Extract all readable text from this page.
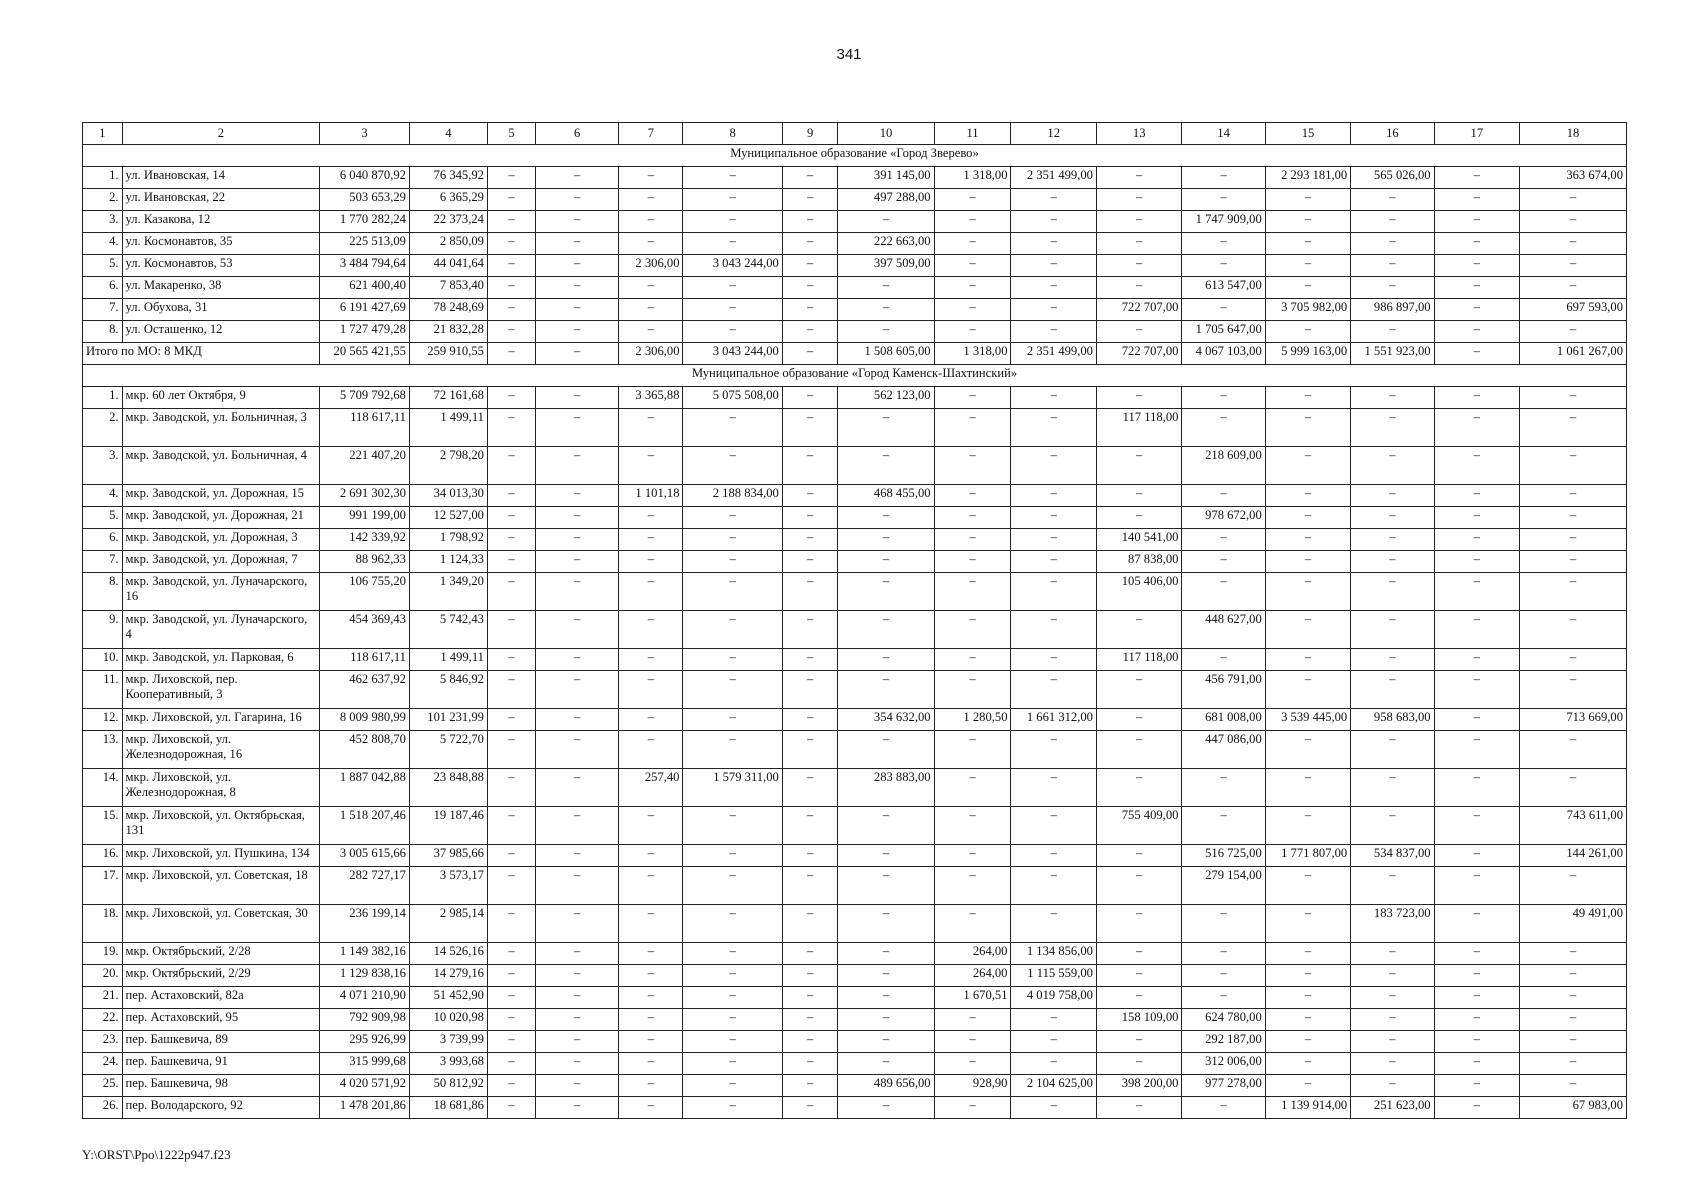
341
1	2	3	4	5	6	7	8	9	10	11	12	13	14	15	16	17	18
Муниципальное образование «Город Зверево»																	
1.	ул. Ивановская, 14	6 040 870,92	76 345,92	–	–	–	–	–	391 145,00	1 318,00	2 351 499,00	–	–	2 293 181,00	565 026,00	–	363 674,00
2.	ул. Ивановская, 22	503 653,29	6 365,29	–	–	–	–	–	497 288,00	–	–	–	–	–	–	–	–
3.	ул. Казакова, 12	1 770 282,24	22 373,24	–	–	–	–	–	–	–	–	–	1 747 909,00	–	–	–	–
4.	ул. Космонавтов, 35	225 513,09	2 850,09	–	–	–	–	–	222 663,00	–	–	–	–	–	–	–	–
5.	ул. Космонавтов, 53	3 484 794,64	44 041,64	–	–	2 306,00	3 043 244,00	–	397 509,00	–	–	–	–	–	–	–	–
6.	ул. Макаренко, 38	621 400,40	7 853,40	–	–	–	–	–	–	–	–	–	613 547,00	–	–	–	–
7.	ул. Обухова, 31	6 191 427,69	78 248,69	–	–	–	–	–	–	–	–	722 707,00	–	3 705 982,00	986 897,00	–	697 593,00
8.	ул. Осташенко, 12	1 727 479,28	21 832,28	–	–	–	–	–	–	–	–	–	1 705 647,00	–	–	–	–
Итого по МО: 8 МКД		20 565 421,55	259 910,55	–	–	2 306,00	3 043 244,00	–	1 508 605,00	1 318,00	2 351 499,00	722 707,00	4 067 103,00	5 999 163,00	1 551 923,00	–	1 061 267,00
Муниципальное образование «Город Каменск-Шахтинский»																	
1.	мкр. 60 лет Октября, 9	5 709 792,68	72 161,68	–	–	3 365,88	5 075 508,00	–	562 123,00	–	–	–	–	–	–	–	–
2.	мкр. Заводской, ул. Больничная, 3	118 617,11	1 499,11	–	–	–	–	–	–	–	–	117 118,00	–	–	–	–	–
3.	мкр. Заводской, ул. Больничная, 4	221 407,20	2 798,20	–	–	–	–	–	–	–	–	–	218 609,00	–	–	–	–
4.	мкр. Заводской, ул. Дорожная, 15	2 691 302,30	34 013,30	–	–	1 101,18	2 188 834,00	–	468 455,00	–	–	–	–	–	–	–	–
5.	мкр. Заводской, ул. Дорожная, 21	991 199,00	12 527,00	–	–	–	–	–	–	–	–	–	978 672,00	–	–	–	–
6.	мкр. Заводской, ул. Дорожная, 3	142 339,92	1 798,92	–	–	–	–	–	–	–	–	140 541,00	–	–	–	–	–
7.	мкр. Заводской, ул. Дорожная, 7	88 962,33	1 124,33	–	–	–	–	–	–	–	–	87 838,00	–	–	–	–	–
8.	мкр. Заводской, ул. Луначарского, 16	106 755,20	1 349,20	–	–	–	–	–	–	–	–	105 406,00	–	–	–	–	–
9.	мкр. Заводской, ул. Луначарского, 4	454 369,43	5 742,43	–	–	–	–	–	–	–	–	–	448 627,00	–	–	–	–
10.	мкр. Заводской, ул. Парковая, 6	118 617,11	1 499,11	–	–	–	–	–	–	–	–	117 118,00	–	–	–	–	–
11.	мкр. Лиховской, пер. Кооперативный, 3	462 637,92	5 846,92	–	–	–	–	–	–	–	–	–	456 791,00	–	–	–	–
12.	мкр. Лиховской, ул. Гагарина, 16	8 009 980,99	101 231,99	–	–	–	–	–	354 632,00	1 280,50	1 661 312,00	–	681 008,00	3 539 445,00	958 683,00	–	713 669,00
13.	мкр. Лиховской, ул. Железнодорожная, 16	452 808,70	5 722,70	–	–	–	–	–	–	–	–	–	447 086,00	–	–	–	–
14.	мкр. Лиховской, ул. Железнодорожная, 8	1 887 042,88	23 848,88	–	–	257,40	1 579 311,00	–	283 883,00	–	–	–	–	–	–	–	–
15.	мкр. Лиховской, ул. Октябрьская, 131	1 518 207,46	19 187,46	–	–	–	–	–	–	–	–	755 409,00	–	–	–	–	743 611,00
16.	мкр. Лиховской, ул. Пушкина, 134	3 005 615,66	37 985,66	–	–	–	–	–	–	–	–	–	516 725,00	1 771 807,00	534 837,00	–	144 261,00
17.	мкр. Лиховской, ул. Советская, 18	282 727,17	3 573,17	–	–	–	–	–	–	–	–	–	279 154,00	–	–	–	–
18.	мкр. Лиховской, ул. Советская, 30	236 199,14	2 985,14	–	–	–	–	–	–	–	–	–	–	–	183 723,00	–	49 491,00
19.	мкр. Октябрьский, 2/28	1 149 382,16	14 526,16	–	–	–	–	–	–	264,00	1 134 856,00	–	–	–	–	–	–
20.	мкр. Октябрьский, 2/29	1 129 838,16	14 279,16	–	–	–	–	–	–	264,00	1 115 559,00	–	–	–	–	–	–
21.	пер. Астаховский, 82а	4 071 210,90	51 452,90	–	–	–	–	–	–	1 670,51	4 019 758,00	–	–	–	–	–	–
22.	пер. Астаховский, 95	792 909,98	10 020,98	–	–	–	–	–	–	–	–	158 109,00	624 780,00	–	–	–	–
23.	пер. Башкевича, 89	295 926,99	3 739,99	–	–	–	–	–	–	–	–	–	292 187,00	–	–	–	–
24.	пер. Башкевича, 91	315 999,68	3 993,68	–	–	–	–	–	–	–	–	–	312 006,00	–	–	–	–
25.	пер. Башкевича, 98	4 020 571,92	50 812,92	–	–	–	–	–	489 656,00	928,90	2 104 625,00	398 200,00	977 278,00	–	–	–	–
26.	пер. Володарского, 92	1 478 201,86	18 681,86	–	–	–	–	–	–	–	–	–	–	1 139 914,00	251 623,00	–	67 983,00
Y:\ORST\Ppo\1222p947.f23
